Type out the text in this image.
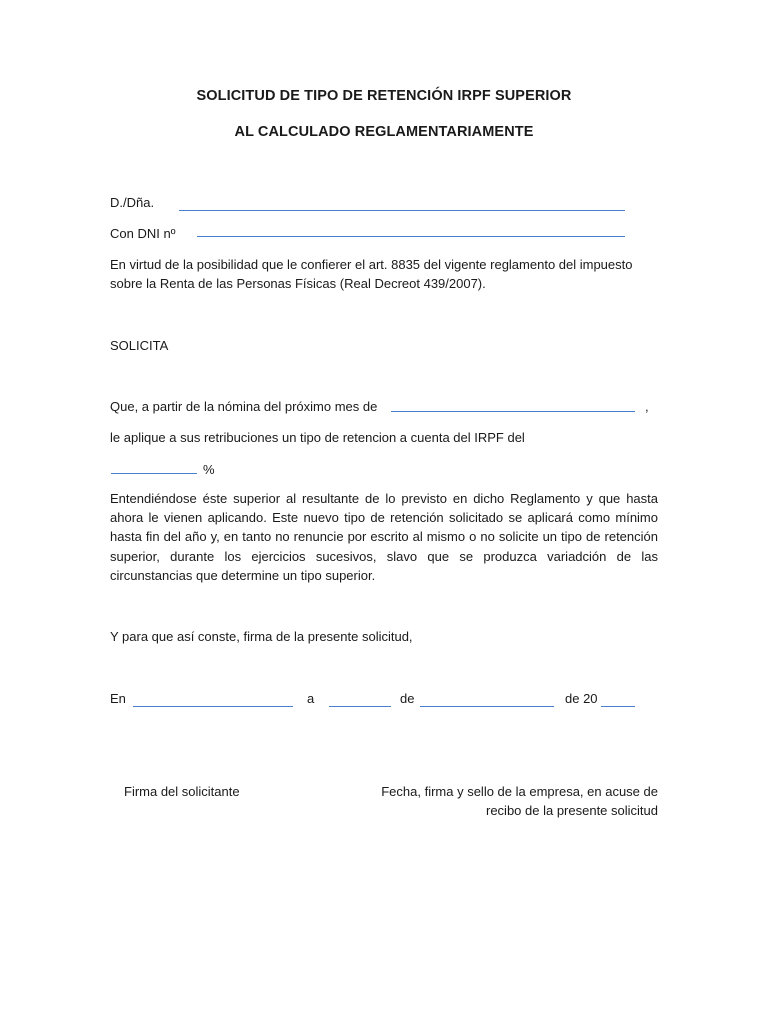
SOLICITUD DE TIPO DE RETENCIÓN IRPF SUPERIOR
AL CALCULADO REGLAMENTARIAMENTE
D./Dña.
Con DNI nº
En virtud de la posibilidad que le confierer el art. 8835 del vigente reglamento del impuesto sobre la Renta de las Personas Físicas (Real Decreot 439/2007).
SOLICITA
Que, a partir de la nómina del próximo mes de	,
le aplique a sus retribuciones un tipo de retencion a cuenta del IRPF del
%
Entendiéndose éste superior al resultante de lo previsto en dicho Reglamento y que hasta ahora le vienen aplicando. Este nuevo tipo de retención solicitado se aplicará como mínimo hasta fin del año y, en tanto no renuncie por escrito al mismo o no solicite un tipo de retención superior, durante los ejercicios sucesivos, slavo que se produzca variadción de las circunstancias que determine un tipo superior.
Y para que así conste, firma de la presente solicitud,
En	a	de	de 20
Firma del solicitante	Fecha, firma y sello de la empresa, en acuse de
recibo de la presente solicitud
